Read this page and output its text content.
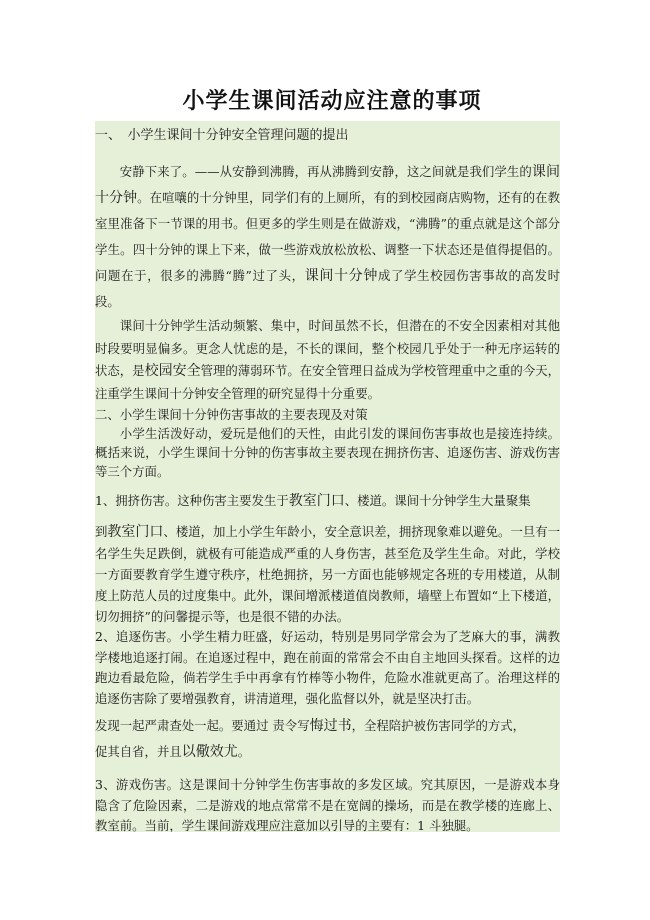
小学生课间活动应注意的事项

一、　小学生课间十分钟安全管理问题的提出

安静下来了。——从安静到沸腾，再从沸腾到安静，这之间就是我们学生的课间十分钟。在喧嚷的十分钟里，同学们有的上厕所，有的到校园商店购物，还有的在教室里准备下一节课的用书。但更多的学生则是在做游戏，“沸腾”的重点就是这个部分学生。四十分钟的课上下来，做一些游戏放松放松、调整一下状态还是值得提倡的。问题在于，很多的沸腾“腾”过了头，课间十分钟成了学生校园伤害事故的高发时段。

课间十分钟学生活动频繁、集中，时间虽然不长，但潜在的不安全因素相对其他时段要明显偏多。更念人忧虑的是，不长的课间，整个校园几乎处于一种无序运转的状态，是校园安全管理的薄弱环节。在安全管理日益成为学校管理重中之重的今天，注重学生课间十分钟安全管理的研究显得十分重要。

二、小学生课间十分钟伤害事故的主要表现及对策

小学生活泼好动，爱玩是他们的天性，由此引发的课间伤害事故也是接连持续。概括来说，小学生课间十分钟的伤害事故主要表现在拥挤伤害、追逐伤害、游戏伤害等三个方面。

1、拥挤伤害。这种伤害主要发生于教室门口、楼道。课间十分钟学生大量聚集

到教室门口、楼道，加上小学生年龄小，安全意识差，拥挤现象难以避免。一旦有一名学生失足跌倒，就极有可能造成严重的人身伤害，甚至危及学生生命。对此，学校一方面要教育学生遵守秩序，杜绝拥挤，另一方面也能够规定各班的专用楼道，从制度上防范人员的过度集中。此外，课间增派楼道值岗教师，墙壁上布置如“上下楼道，切勿拥挤”的问馨提示等，也是很不错的办法。

2、追逐伤害。小学生精力旺盛，好运动，特别是男同学常会为了芝麻大的事，满教学楼地追逐打闹。在追逐过程中，跑在前面的常常会不由自主地回头探看。这样的边跑边看最危险，倘若学生手中再拿有竹棒等小物件，危险水准就更高了。治理这样的追逐伤害除了要增强教育，讲清道理，强化监督以外，就是坚决打击。

发现一起严肃查处一起。要通过 责令写悔过书，全程陪护被伤害同学的方式，

促其自省，并且以儆效尤。

3、游戏伤害。这是课间十分钟学生伤害事故的多发区域。究其原因，一是游戏本身隐含了危险因素，二是游戏的地点常常不是在宽阔的操场，而是在教学楼的连廊上、教室前。当前，学生课间游戏理应注意加以引导的主要有：1 斗独腿。
